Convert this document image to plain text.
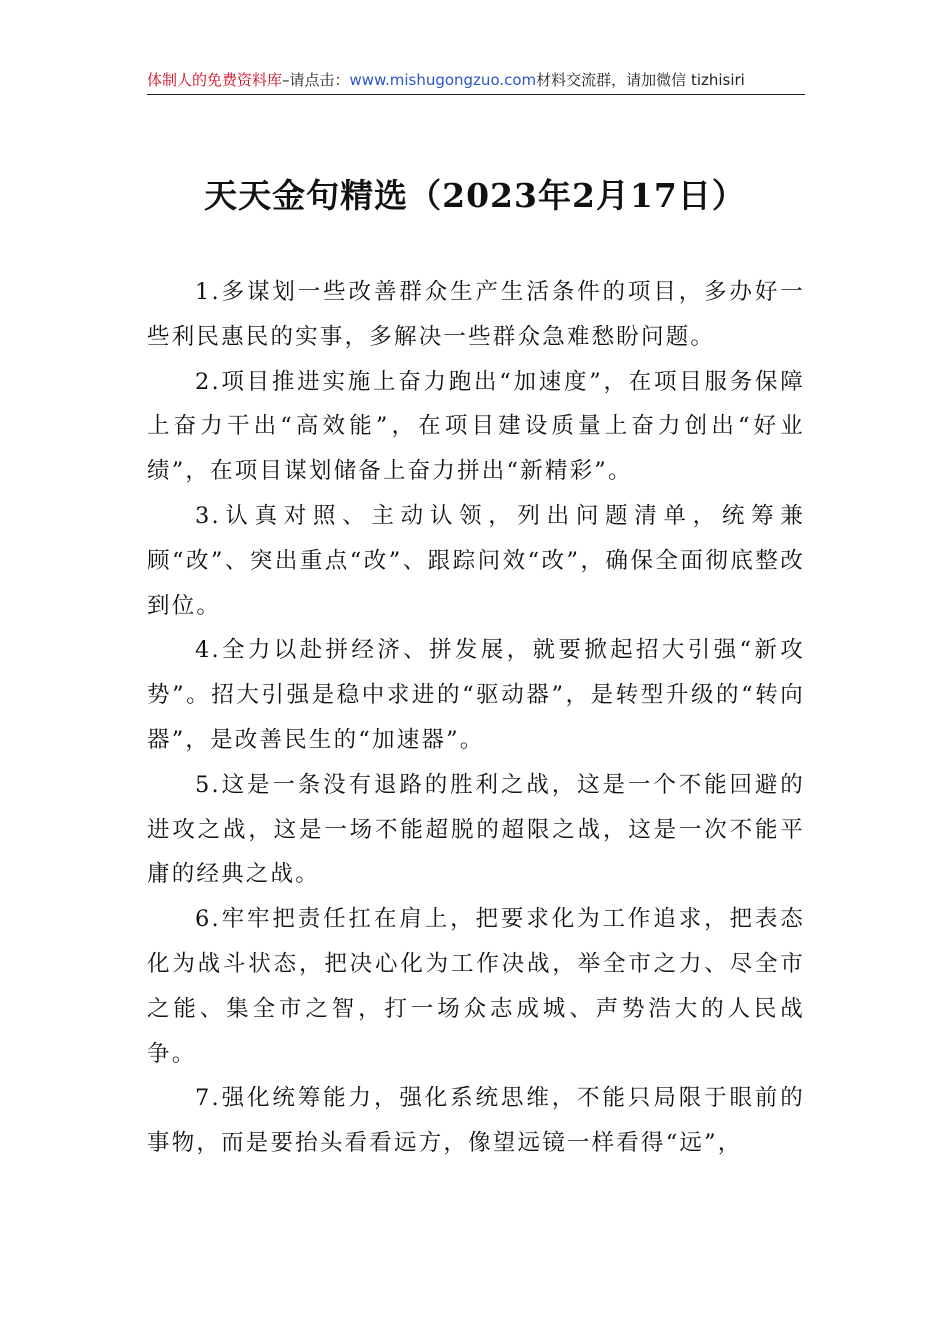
体制人的免费资料库–请点击：www.mishugongzuo.com材料交流群，请加微信 tizhisiri
天天金句精选（2023年2月17日）

1.多谋划一些改善群众生产生活条件的项目，多办好一些利民惠民的实事，多解决一些群众急难愁盼问题。

2.项目推进实施上奋力跑出“加速度”，在项目服务保障上奋力干出“高效能”，在项目建设质量上奋力创出“好业绩”，在项目谋划储备上奋力拼出“新精彩”。

3.认真对照、主动认领，列出问题清单，统筹兼顾“改”、突出重点“改”、跟踪问效“改”，确保全面彻底整改到位。

4.全力以赴拼经济、拼发展，就要掀起招大引强“新攻势”。招大引强是稳中求进的“驱动器”，是转型升级的“转向器”，是改善民生的“加速器”。

5.这是一条没有退路的胜利之战，这是一个不能回避的进攻之战，这是一场不能超脱的超限之战，这是一次不能平庸的经典之战。

6.牢牢把责任扛在肩上，把要求化为工作追求，把表态化为战斗状态，把决心化为工作决战，举全市之力、尽全市之能、集全市之智，打一场众志成城、声势浩大的人民战争。

7.强化统筹能力，强化系统思维，不能只局限于眼前的事物，而是要抬头看看远方，像望远镜一样看得“远”，
